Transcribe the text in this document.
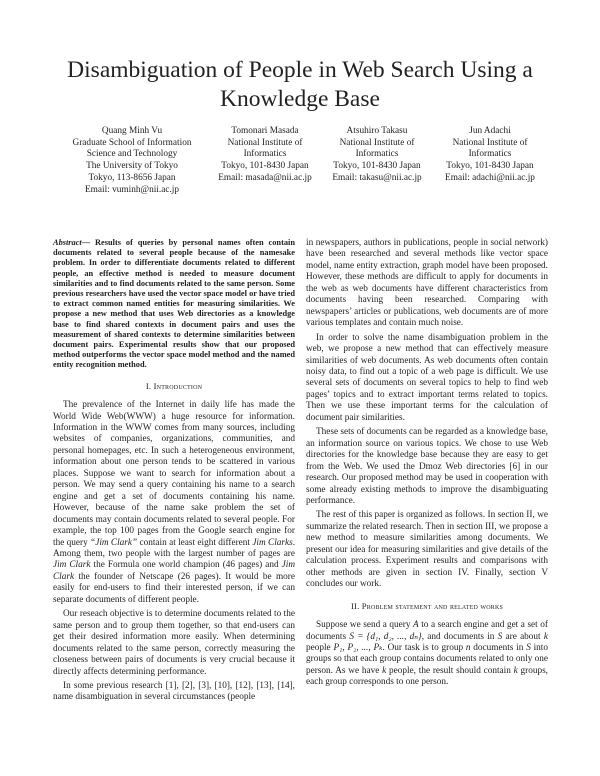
Disambiguation of People in Web Search Using a Knowledge Base
Quang Minh Vu
Graduate School of Information
Science and Technology
The University of Tokyo
Tokyo, 113-8656 Japan
Email: vuminh@nii.ac.jp
Tomonari Masada
National Institute of
Informatics
Tokyo, 101-8430 Japan
Email: masada@nii.ac.jp
Atsuhiro Takasu
National Institute of
Informatics
Tokyo, 101-8430 Japan
Email: takasu@nii.ac.jp
Jun Adachi
National Institute of
Informatics
Tokyo, 101-8430 Japan
Email: adachi@nii.ac.jp
Abstract— Results of queries by personal names often contain documents related to several people because of the namesake problem. In order to differentiate documents related to different people, an effective method is needed to measure document similarities and to find documents related to the same person. Some previous researchers have used the vector space model or have tried to extract common named entities for measuring similarities. We propose a new method that uses Web directories as a knowledge base to find shared contexts in document pairs and uses the measurement of shared contexts to determine similarities between document pairs. Experimental results show that our proposed method outperforms the vector space model method and the named entity recognition method.
I. Introduction

The prevalence of the Internet in daily life has made the World Wide Web(WWW) a huge resource for information. Information in the WWW comes from many sources, including websites of companies, organizations, communities, and personal homepages, etc. In such a heterogeneous environment, information about one person tends to be scattered in various places. Suppose we want to search for information about a person. We may send a query containing his name to a search engine and get a set of documents containing his name. However, because of the name sake problem the set of documents may contain documents related to several people. For example, the top 100 pages from the Google search engine for the query “Jim Clark” contain at least eight different Jim Clarks. Among them, two people with the largest number of pages are Jim Clark the Formula one world champion (46 pages) and Jim Clark the founder of Netscape (26 pages). It would be more easily for end-users to find their interested person, if we can separate documents of different people.

Our reseach objective is to determine documents related to the same person and to group them together, so that end-users can get their desired information more easily. When determining documents related to the same person, correctly measuring the closeness between pairs of documents is very crucial because it directly affects determining performance.

In some previous research [1], [2], [3], [10], [12], [13], [14], name disambiguation in several circumstances (people

in newspapers, authors in publications, people in social network) have been researched and several methods like vector space model, name entity extraction, graph model have been proposed. However, these methods are difficult to apply for documents in the web as web documents have different characteristics from documents having been researched. Comparing with newspapers’ articles or publications, web documents are of more various templates and contain much noise.

In order to solve the name disambiguation problem in the web, we propose a new method that can effectively measure similarities of web documents. As web documents often contain noisy data, to find out a topic of a web page is difficult. We use several sets of documents on several topics to help to find web pages’ topics and to extract important terms related to topics. Then we use these important terms for the calculation of document pair similarities.

These sets of documents can be regarded as a knowledge base, an information source on various topics. We chose to use Web directories for the knowledge base because they are easy to get from the Web. We used the Dmoz Web directories [6] in our research. Our proposed method may be used in cooperation with some already existing methods to improve the disambiguating performance.

The rest of this paper is organized as follows. In section II, we summarize the related research. Then in section III, we propose a new method to measure similarities among documents. We present our idea for measuring similarities and give details of the calculation process. Experiment results and comparisons with other methods are given in section IV. Finally, section V concludes our work.

II. Problem statement and related works

Suppose we send a query A to a search engine and get a set of documents S = {d₁, d₂, ..., dₙ}, and documents in S are about k people P₁, P₂, ..., Pₖ. Our task is to group n documents in S into groups so that each group contains documents related to only one person. As we have k people, the result should contain k groups, each group corresponds to one person.
